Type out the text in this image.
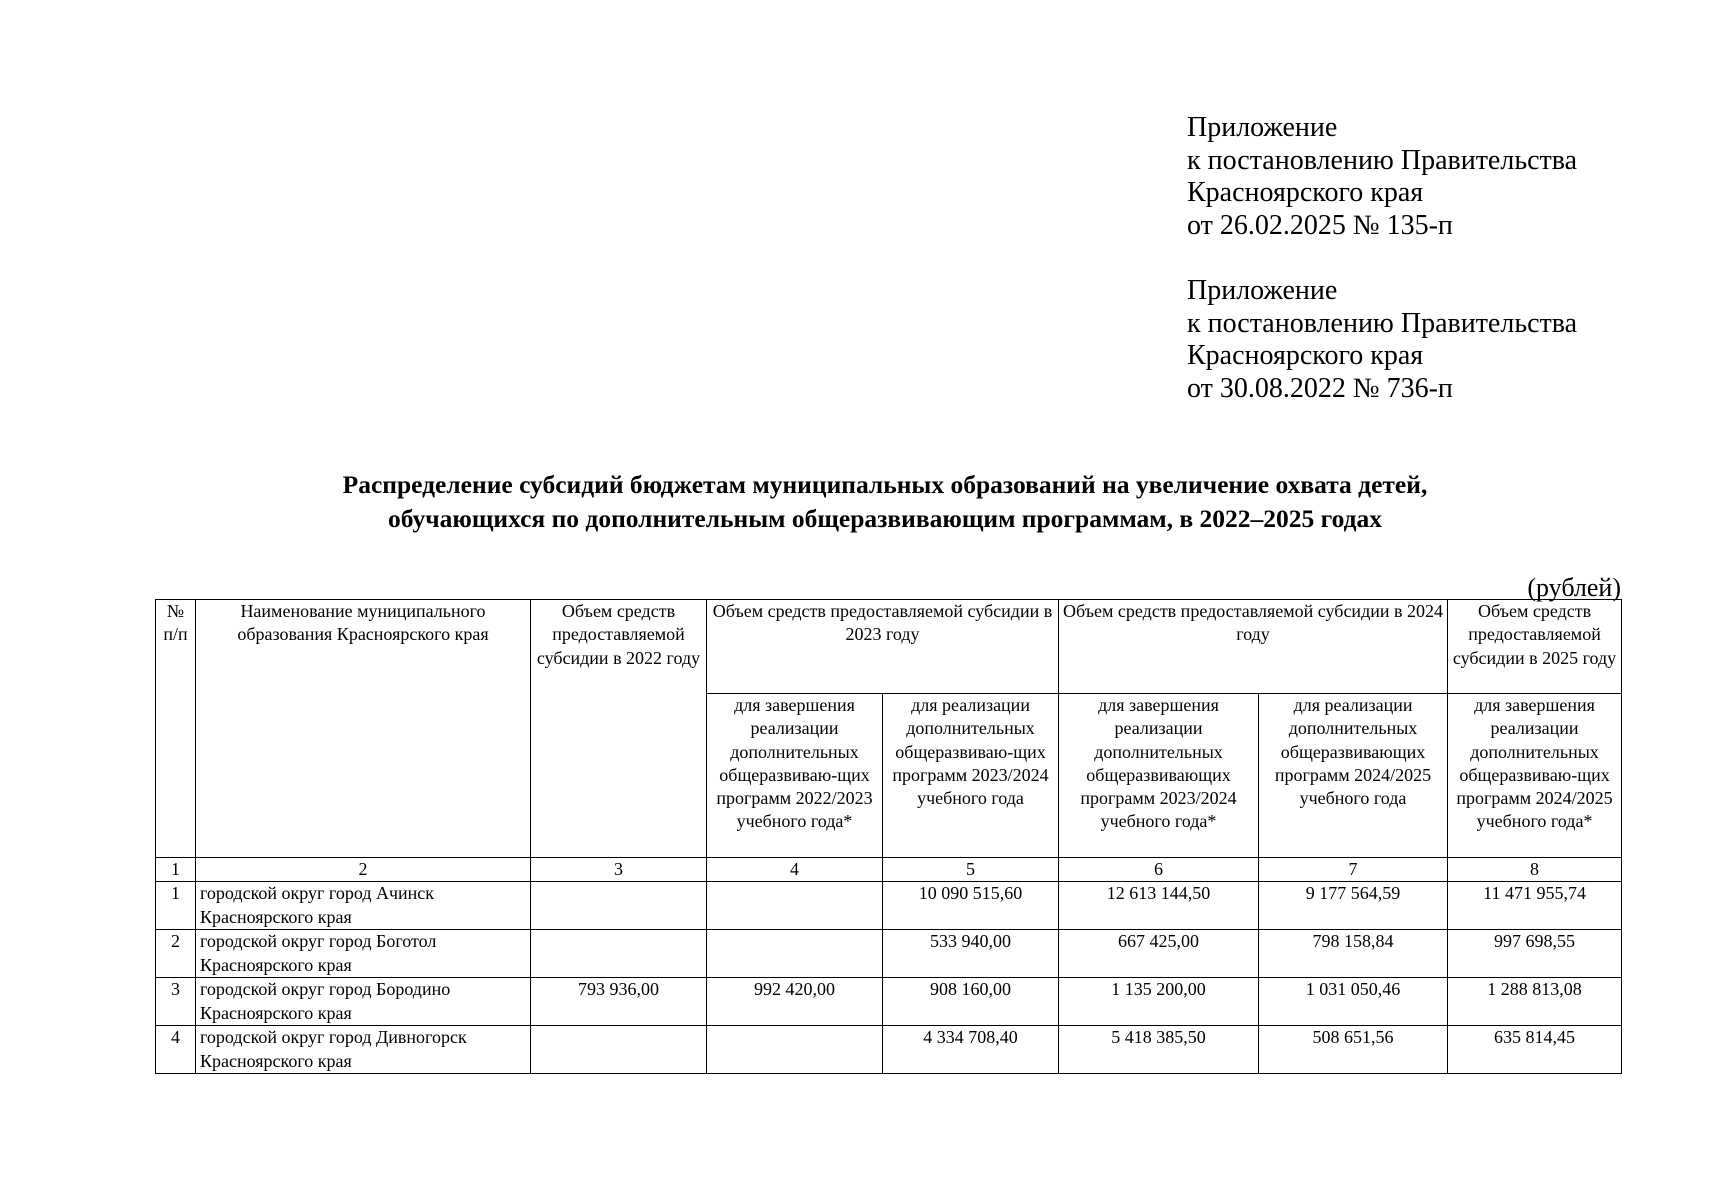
Приложение
к постановлению Правительства
Красноярского края
от 26.02.2025 № 135-п
Приложение
к постановлению Правительства
Красноярского края
от 30.08.2022 № 736-п
Распределение субсидий бюджетам муниципальных образований на увеличение охвата детей,
обучающихся по дополнительным общеразвивающим программам, в 2022–2025 годах
(рублей)
№ п/п	Наименование муниципального образования Красноярского края	Объем средств предоставляемой субсидии в 2022 году	Объем средств предоставляемой субсидии в 2023 году		Объем средств предоставляемой субсидии в 2024 году		Объем средств предоставляемой субсидии в 2025 году
			для завершения реализации дополнительных общеразвиваю-щих программ 2022/2023 учебного года*	для реализации дополнительных общеразвиваю-щих программ 2023/2024 учебного года	для завершения реализации дополнительных общеразвивающих программ 2023/2024 учебного года*	для реализации дополнительных общеразвивающих программ 2024/2025 учебного года	для завершения реализации дополнительных общеразвиваю-щих программ 2024/2025 учебного года*
1	2	3	4	5	6	7	8
1	городской округ город Ачинск Красноярского края			10 090 515,60	12 613 144,50	9 177 564,59	11 471 955,74
2	городской округ город Боготол Красноярского края			533 940,00	667 425,00	798 158,84	997 698,55
3	городской округ город Бородино Красноярского края	793 936,00	992 420,00	908 160,00	1 135 200,00	1 031 050,46	1 288 813,08
4	городской округ город Дивногорск Красноярского края			4 334 708,40	5 418 385,50	508 651,56	635 814,45
